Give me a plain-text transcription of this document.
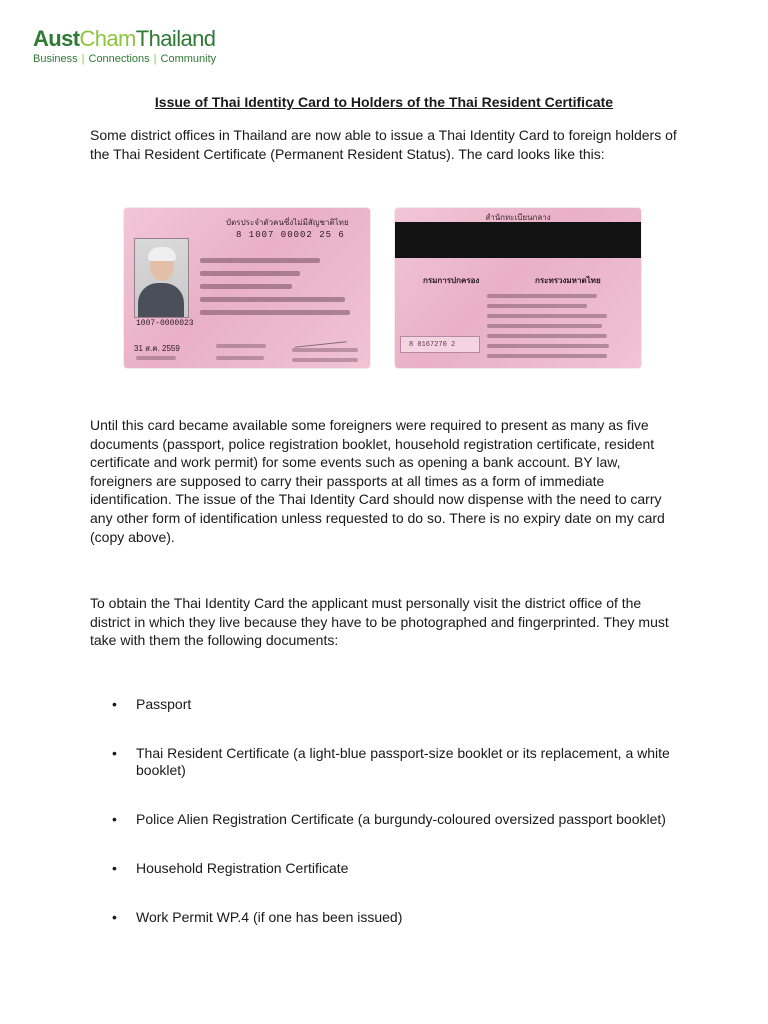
AustChamThailand
Business | Connections | Community
Issue of Thai Identity Card to Holders of the Thai Resident Certificate

Some district offices in Thailand are now able to issue a Thai Identity Card to foreign holders of the Thai Resident Certificate (Permanent Resident Status). The card looks like this:

บัตรประจำตัวคนซึ่งไม่มีสัญชาติไทย
8 1007 00002 25 6
1007-0000023
31 ส.ค. 2559
สำนักทะเบียนกลาง
กรมการปกครอง	กระทรวงมหาดไทย
8 0167270 2

Until this card became available some foreigners were required to present as many as five documents (passport, police registration booklet, household registration certificate, resident certificate and work permit) for some events such as opening a bank account. BY law, foreigners are supposed to carry their passports at all times as a form of immediate identification. The issue of the Thai Identity Card should now dispense with the need to carry any other form of identification unless requested to do so. There is no expiry date on my card (copy above).

To obtain the Thai Identity Card the applicant must personally visit the district office of the district in which they live because they have to be photographed and fingerprinted. They must take with them the following documents:

• Passport
• Thai Resident Certificate (a light-blue passport-size booklet or its replacement, a white booklet)
• Police Alien Registration Certificate (a burgundy-coloured oversized passport booklet)
• Household Registration Certificate
• Work Permit WP.4 (if one has been issued)
